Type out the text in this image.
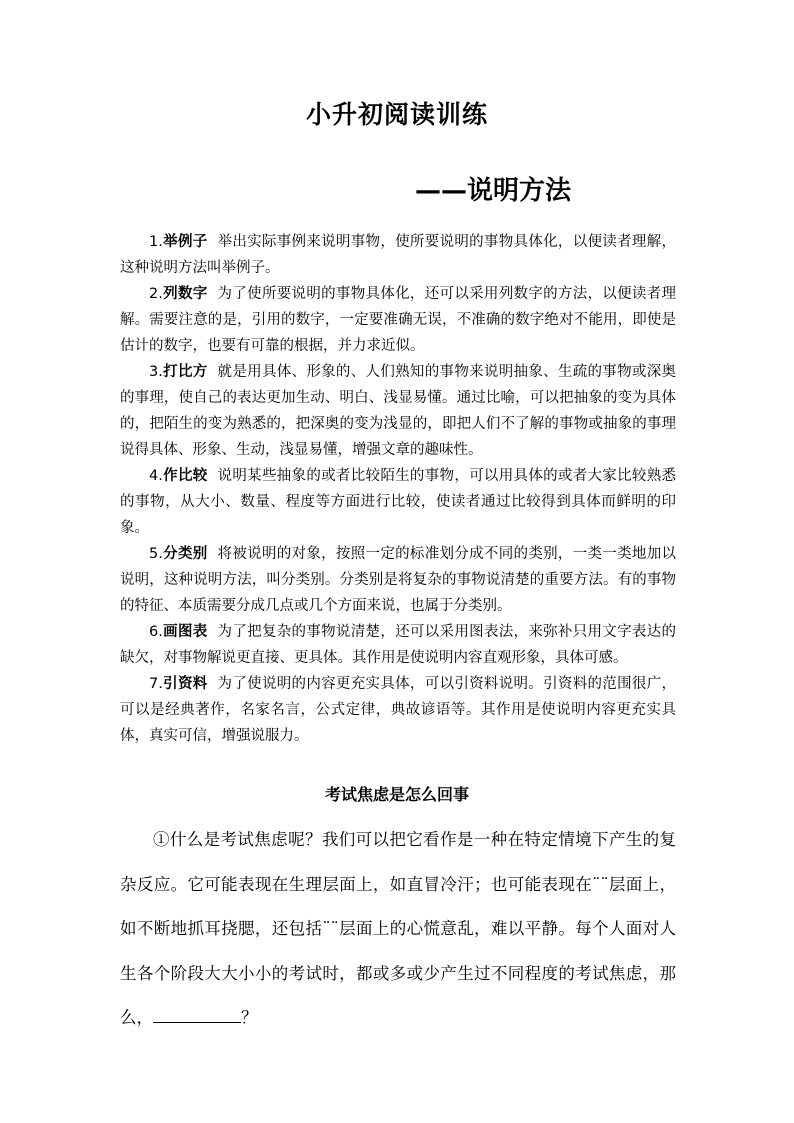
小升初阅读训练
——说明方法

1.举例子 举出实际事例来说明事物，使所要说明的事物具体化，以便读者理解，这种说明方法叫举例子。

2.列数字 为了使所要说明的事物具体化，还可以采用列数字的方法，以便读者理解。需要注意的是，引用的数字，一定要准确无误，不准确的数字绝对不能用，即使是估计的数字，也要有可靠的根据，并力求近似。

3.打比方 就是用具体、形象的、人们熟知的事物来说明抽象、生疏的事物或深奥的事理，使自己的表达更加生动、明白、浅显易懂。通过比喻，可以把抽象的变为具体的，把陌生的变为熟悉的，把深奥的变为浅显的，即把人们不了解的事物或抽象的事理说得具体、形象、生动，浅显易懂，增强文章的趣味性。

4.作比较 说明某些抽象的或者比较陌生的事物，可以用具体的或者大家比较熟悉的事物，从大小、数量、程度等方面进行比较，使读者通过比较得到具体而鲜明的印象。

5.分类别 将被说明的对象，按照一定的标准划分成不同的类别，一类一类地加以说明，这种说明方法，叫分类别。分类别是将复杂的事物说清楚的重要方法。有的事物的特征、本质需要分成几点或几个方面来说，也属于分类别。

6.画图表 为了把复杂的事物说清楚，还可以采用图表法，来弥补只用文字表达的缺欠，对事物解说更直接、更具体。其作用是使说明内容直观形象，具体可感。

7.引资料 为了使说明的内容更充实具体，可以引资料说明。引资料的范围很广，可以是经典著作，名家名言，公式定律，典故谚语等。其作用是使说明内容更充实具体，真实可信，增强说服力。

考试焦虑是怎么回事

①什么是考试焦虑呢？我们可以把它看作是一种在特定情境下产生的复杂反应。它可能表现在生理层面上，如直冒冷汗；也可能表现在¨¨层面上，如不断地抓耳挠腮，还包括¨¨层面上的心慌意乱，难以平静。每个人面对人生各个阶段大大小小的考试时，都或多或少产生过不同程度的考试焦虑，那么，	？
